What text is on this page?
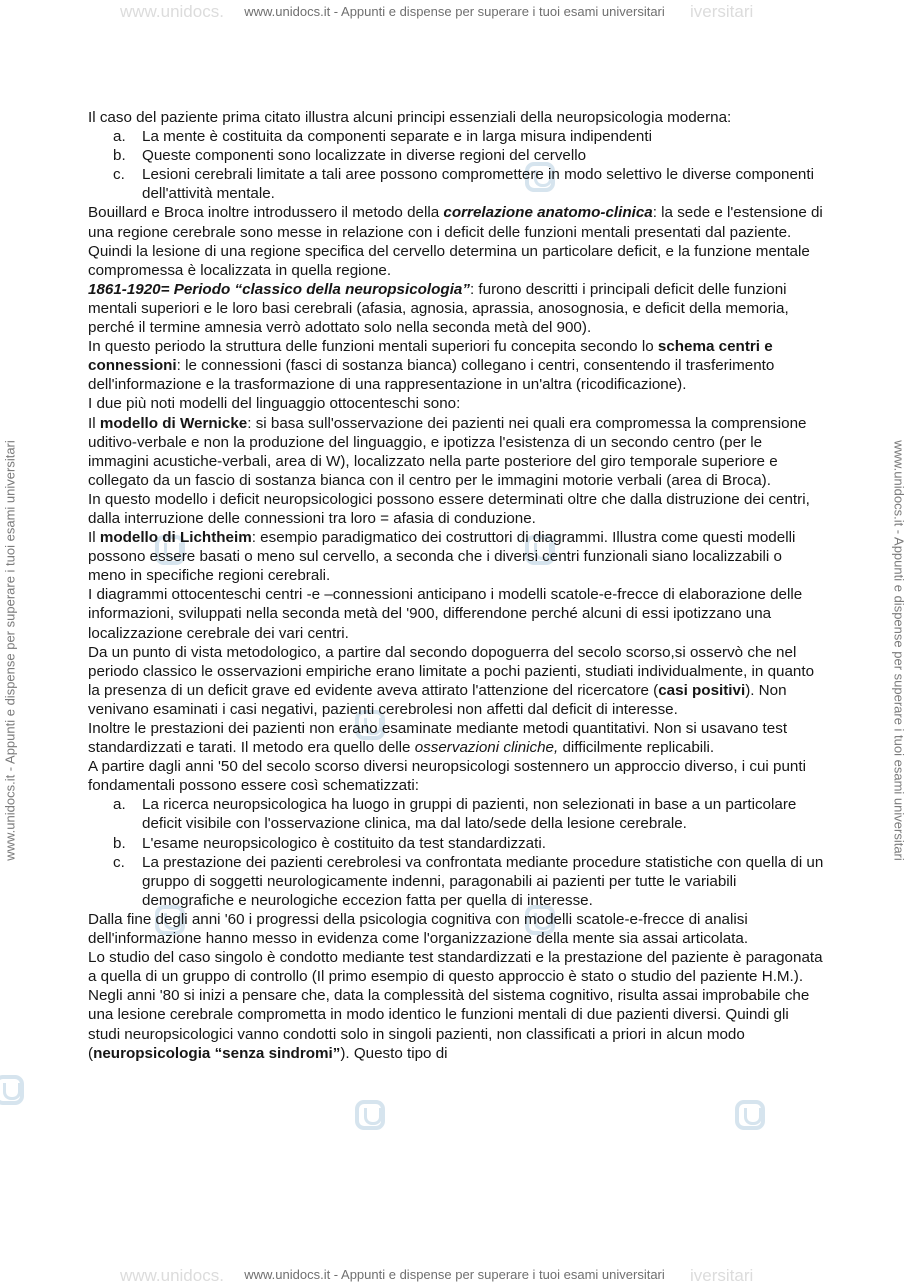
www.unidocs.	iversitari
www.unidocs.it - Appunti e dispense per superare i tuoi esami universitari
www.unidocs.	iversitari
www.unidocs.it - Appunti e dispense per superare i tuoi esami universitari
www.unidocs.it - Appunti e dispense per superare i tuoi esami universitari	www.unidocs.it - Appunti e dispense per superare i tuoi esami universitari

Il caso del paziente prima citato illustra alcuni principi essenziali della neuropsicologia moderna:

a. La mente è costituita da componenti separate e in larga misura indipendenti
b. Queste componenti sono localizzate in diverse regioni del cervello
c. Lesioni cerebrali limitate a tali aree possono compromettere in modo selettivo le diverse componenti dell'attività mentale.

Bouillard e Broca inoltre introdussero il metodo della correlazione anatomo-clinica: la sede e l'estensione di una regione cerebrale sono messe in relazione con i deficit delle funzioni mentali presentati dal paziente. Quindi la lesione di una regione specifica del cervello determina un particolare deficit, e la funzione mentale compromessa è localizzata in quella regione.

1861-1920= Periodo “classico della neuropsicologia”: furono descritti i principali deficit delle funzioni mentali superiori e le loro basi cerebrali (afasia, agnosia, aprassia, anosognosia, e deficit della memoria, perché il termine amnesia verrò adottato solo nella seconda metà del 900).

In questo periodo la struttura delle funzioni mentali superiori fu concepita secondo lo schema centri e connessioni: le connessioni (fasci di sostanza bianca) collegano i centri, consentendo il trasferimento dell'informazione e la trasformazione di una rappresentazione in un'altra (ricodificazione).

I due più noti modelli del linguaggio ottocenteschi sono:

Il modello di Wernicke: si basa sull'osservazione dei pazienti nei quali era compromessa la comprensione uditivo-verbale e non la produzione del linguaggio, e ipotizza l'esistenza di un secondo centro (per le immagini acustiche-verbali, area di W), localizzato nella parte posteriore del giro temporale superiore e collegato da un fascio di sostanza bianca con il centro per le immagini motorie verbali (area di Broca).

In questo modello i deficit neuropsicologici possono essere determinati oltre che dalla distruzione dei centri, dalla interruzione delle connessioni tra loro = afasia di conduzione.

Il modello di Lichtheim: esempio paradigmatico dei costruttori di diagrammi. Illustra come questi modelli possono essere basati o meno sul cervello, a seconda che i diversi centri funzionali siano localizzabili o meno in specifiche regioni cerebrali.

I diagrammi ottocenteschi centri -e –connessioni anticipano i modelli scatole-e-frecce di elaborazione delle informazioni, sviluppati nella seconda metà del '900, differendone perché alcuni di essi ipotizzano una localizzazione cerebrale dei vari centri.

Da un punto di vista metodologico, a partire dal secondo dopoguerra del secolo scorso,si osservò che nel periodo classico le osservazioni empiriche erano limitate a pochi pazienti, studiati individualmente, in quanto la presenza di un deficit grave ed evidente aveva attirato l'attenzione del ricercatore (casi positivi). Non venivano esaminati i casi negativi, pazienti cerebrolesi non affetti dal deficit di interesse.

Inoltre le prestazioni dei pazienti non erano esaminate mediante metodi quantitativi. Non si usavano test standardizzati e tarati. Il metodo era quello delle osservazioni cliniche, difficilmente replicabili.

A partire dagli anni '50 del secolo scorso diversi neuropsicologi sostennero un approccio diverso, i cui punti fondamentali possono essere così schematizzati:

a. La ricerca neuropsicologica ha luogo in gruppi di pazienti, non selezionati in base a un particolare deficit visibile con l'osservazione clinica, ma dal lato/sede della lesione cerebrale.
b. L'esame neuropsicologico è costituito da test standardizzati.
c. La prestazione dei pazienti cerebrolesi va confrontata mediante procedure statistiche con quella di un gruppo di soggetti neurologicamente indenni, paragonabili ai pazienti per tutte le variabili demografiche e neurologiche eccezion fatta per quella di interesse.

Dalla fine degli anni '60 i progressi della psicologia cognitiva con modelli scatole-e-frecce di analisi dell'informazione hanno messo in evidenza come l'organizzazione della mente sia assai articolata.

Lo studio del caso singolo è condotto mediante test standardizzati e la prestazione del paziente è paragonata a quella di un gruppo di controllo (Il primo esempio di questo approccio è stato o studio del paziente H.M.).

Negli anni '80 si inizi a pensare che, data la complessità del sistema cognitivo, risulta assai improbabile che una lesione cerebrale comprometta in modo identico le funzioni mentali di due pazienti diversi. Quindi gli studi neuropsicologici vanno condotti solo in singoli pazienti, non classificati a priori in alcun modo (neuropsicologia “senza sindromi”). Questo tipo di
